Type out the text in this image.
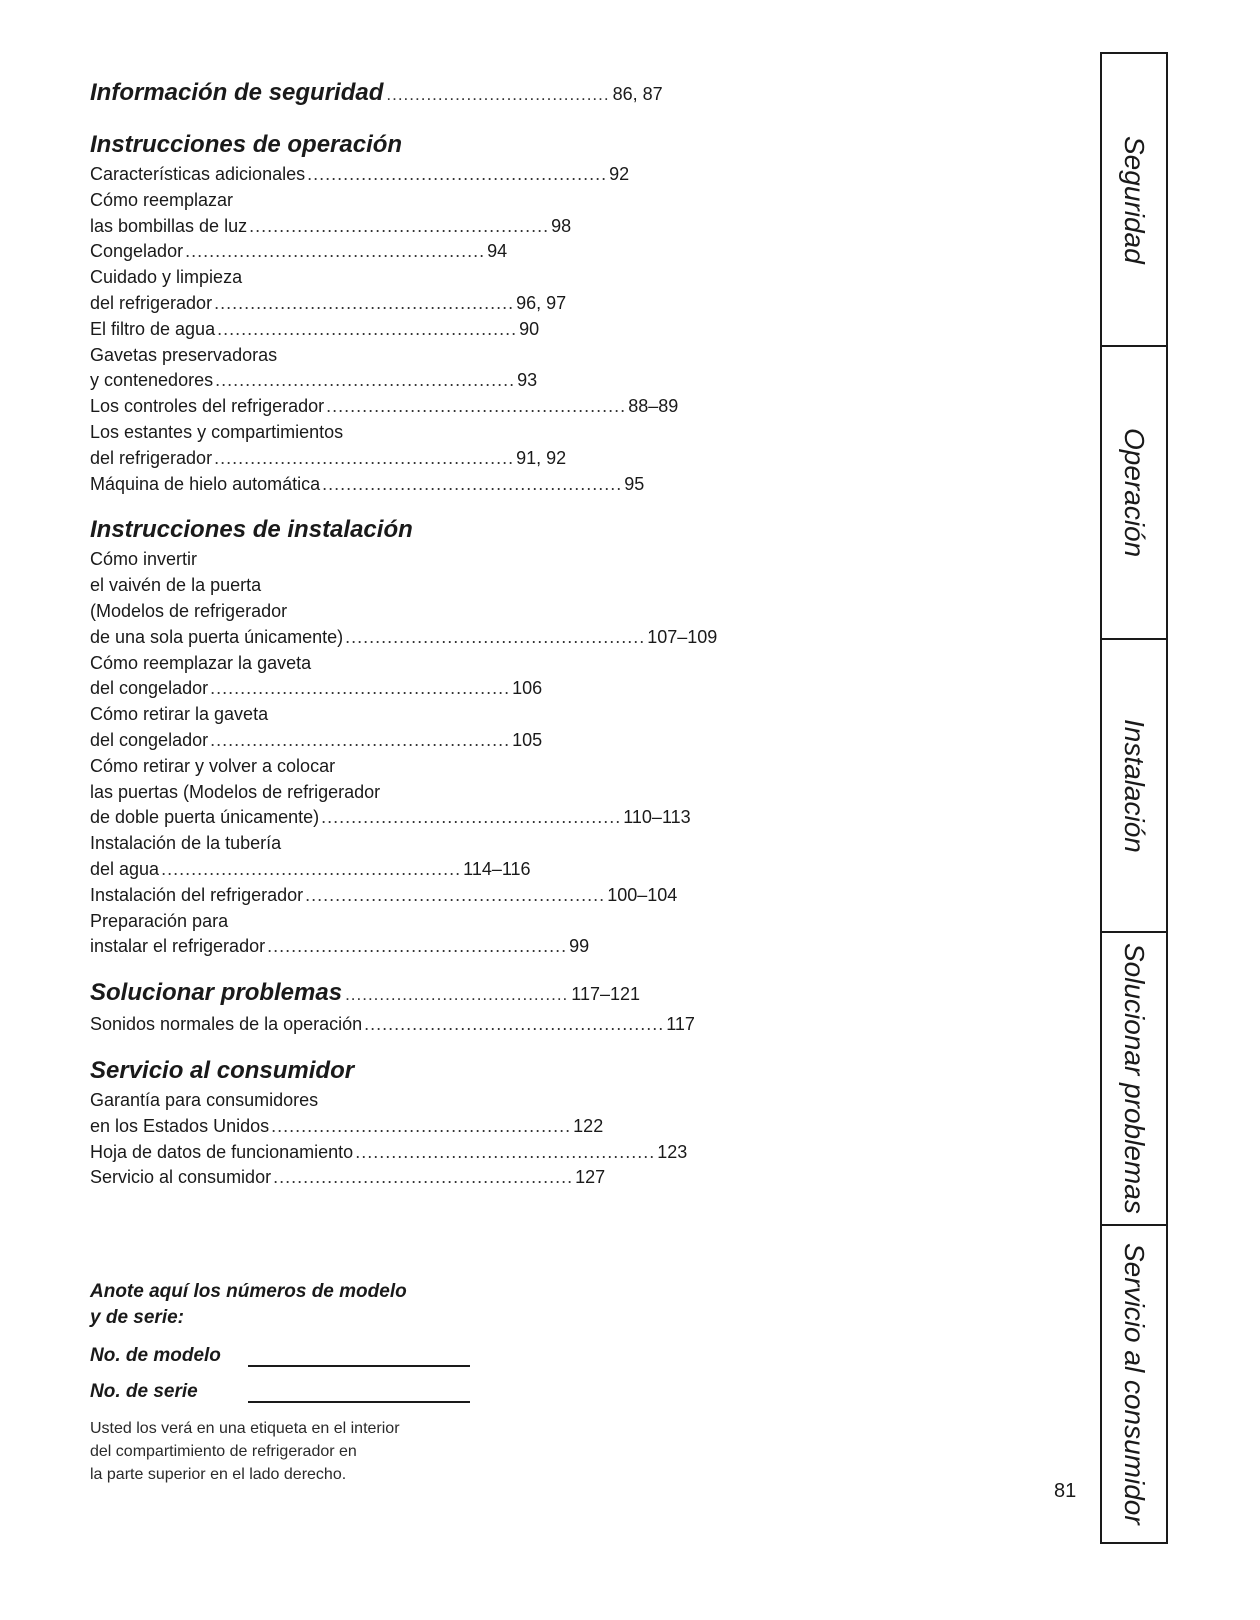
Información de seguridad ....................................... 86, 87
Instrucciones de operación
Características adicionales .................................................. 92
Cómo reemplazar
las bombillas de luz .................................................. 98
Congelador .................................................. 94
Cuidado y limpieza
del refrigerador .................................................. 96, 97
El filtro de agua .................................................. 90
Gavetas preservadoras
y contenedores .................................................. 93
Los controles del refrigerador .................................................. 88–89
Los estantes y compartimientos
del refrigerador .................................................. 91, 92
Máquina de hielo automática .................................................. 95
Instrucciones de instalación
Cómo invertir
el vaivén de la puerta
(Modelos de refrigerador
de una sola puerta únicamente) .................................................. 107–109
Cómo reemplazar la gaveta
del congelador .................................................. 106
Cómo retirar la gaveta
del congelador .................................................. 105
Cómo retirar y volver a colocar
las puertas (Modelos de refrigerador
de doble puerta únicamente) .................................................. 110–113
Instalación de la tubería
del agua .................................................. 114–116
Instalación del refrigerador .................................................. 100–104
Preparación para
instalar el refrigerador .................................................. 99
Solucionar problemas ....................................... 117–121
Sonidos normales de la operación .................................................. 117
Servicio al consumidor
Garantía para consumidores
en los Estados Unidos .................................................. 122
Hoja de datos de funcionamiento .................................................. 123
Servicio al consumidor .................................................. 127
Anote aquí los números de modelo
y de serie:
No. de modelo
No. de serie
Usted los verá en una etiqueta en el interior
del compartimiento de refrigerador en
la parte superior en el lado derecho.
81
Seguridad
Operación
Instalación
Solucionar problemas
Servicio al consumidor
